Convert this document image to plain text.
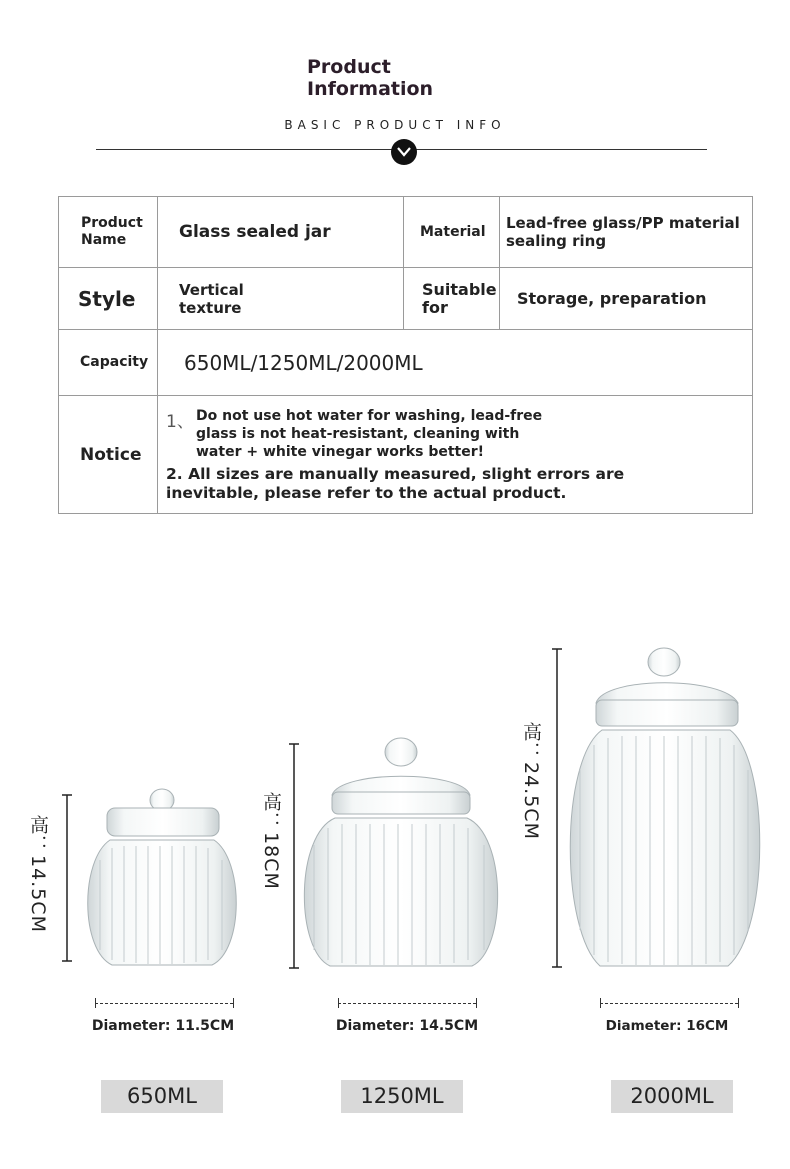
Product
Information
BASIC PRODUCT INFO
Product Name	Glass sealed jar	Material	Lead-free glass/PP material sealing ring
Style	Vertical texture	Suitable for	Storage, preparation
Capacity	650ML/1250ML/2000ML		
Notice	1、 Do not use hot water for washing, lead-free glass is not heat-resistant, cleaning with water + white vinegar works better!
2. All sizes are manually measured, slight errors are inevitable, please refer to the actual product.		
高：14.5CM	高：18CM
高：24.5CM
Diameter: 11.5CM	Diameter: 14.5CM	Diameter: 16CM
650ML	1250ML	2000ML
